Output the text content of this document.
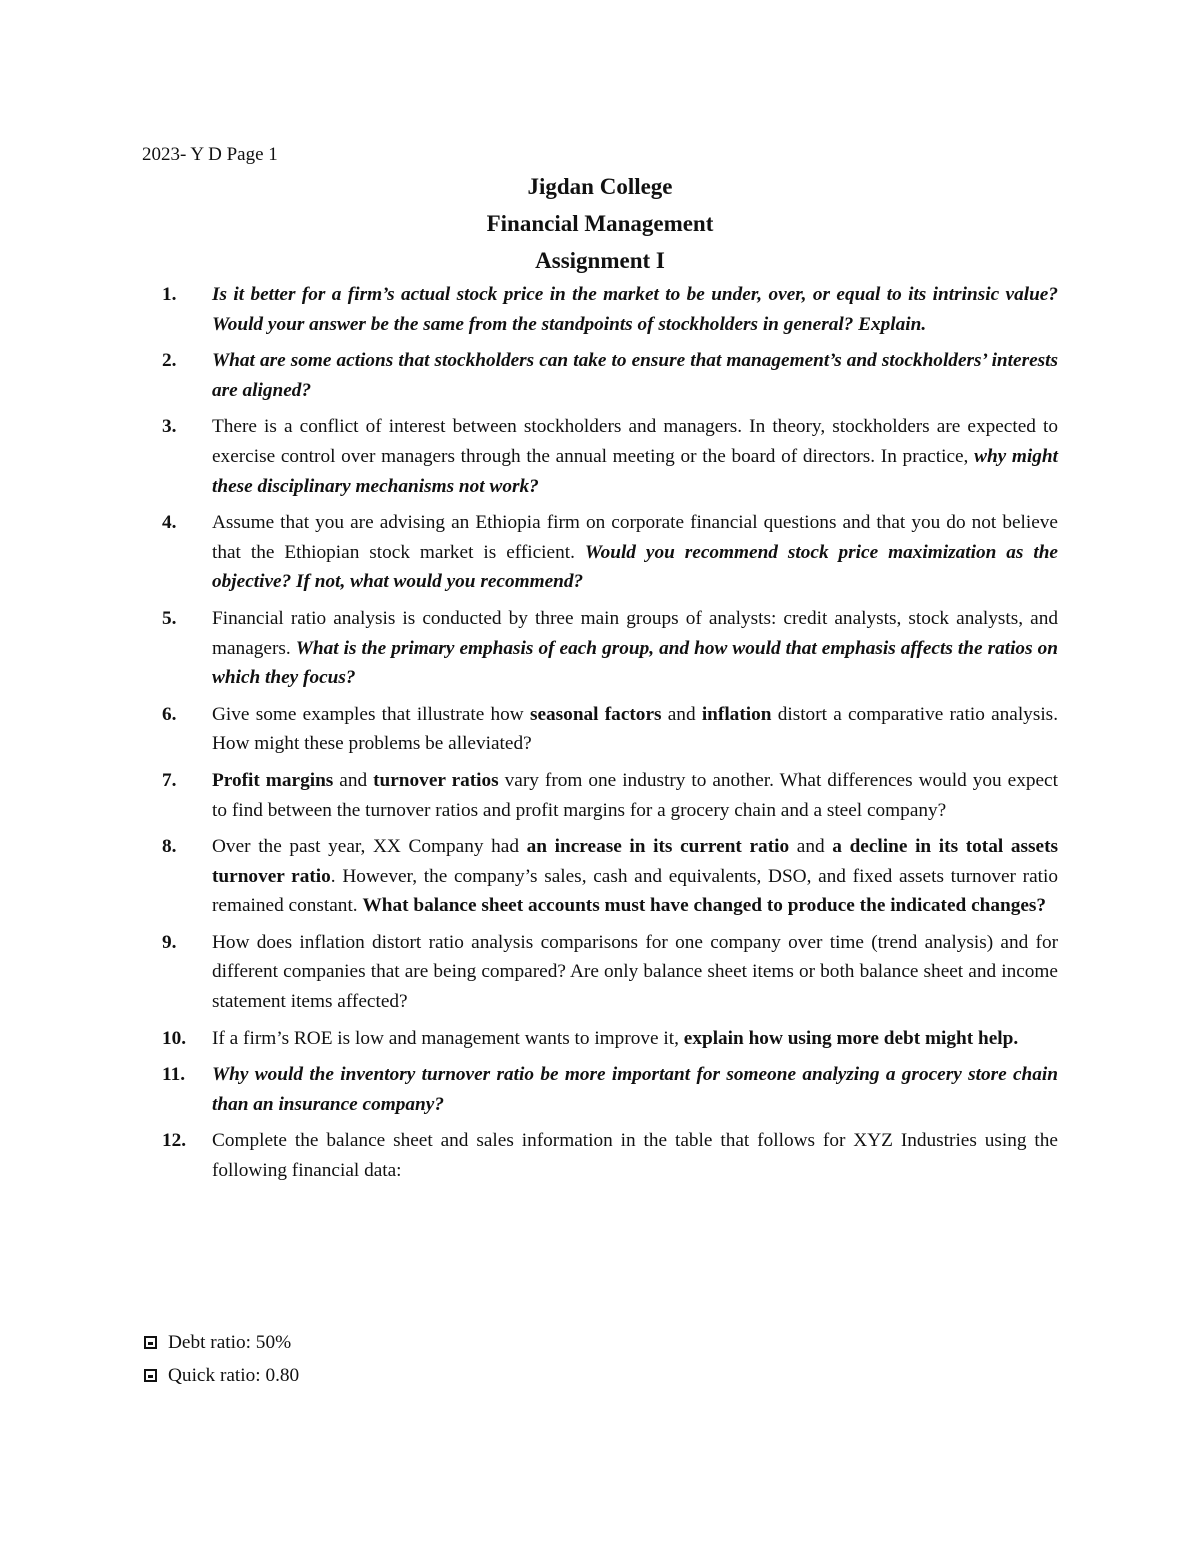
2023- Y D Page 1
Jigdan College
Financial Management
Assignment I
1.	Is it better for a firm’s actual stock price in the market to be under, over, or equal to its intrinsic value? Would your answer be the same from the standpoints of stockholders in general? Explain.
2.	What are some actions that stockholders can take to ensure that management’s and stockholders’ interests are aligned?
3.	There is a conflict of interest between stockholders and managers. In theory, stockholders are expected to exercise control over managers through the annual meeting or the board of directors. In practice, why might these disciplinary mechanisms not work?
4.	Assume that you are advising an Ethiopia firm on corporate financial questions and that you do not believe that the Ethiopian stock market is efficient. Would you recommend stock price maximization as the objective? If not, what would you recommend?
5.	Financial ratio analysis is conducted by three main groups of analysts: credit analysts, stock analysts, and managers. What is the primary emphasis of each group, and how would that emphasis affects the ratios on which they focus?
6.	Give some examples that illustrate how seasonal factors and inflation distort a comparative ratio analysis. How might these problems be alleviated?
7.	Profit margins and turnover ratios vary from one industry to another. What differences would you expect to find between the turnover ratios and profit margins for a grocery chain and a steel company?
8.	Over the past year, XX Company had an increase in its current ratio and a decline in its total assets turnover ratio. However, the company’s sales, cash and equivalents, DSO, and fixed assets turnover ratio remained constant. What balance sheet accounts must have changed to produce the indicated changes?
9.	How does inflation distort ratio analysis comparisons for one company over time (trend analysis) and for different companies that are being compared? Are only balance sheet items or both balance sheet and income statement items affected?
10.	If a firm’s ROE is low and management wants to improve it, explain how using more debt might help.
11.	Why would the inventory turnover ratio be more important for someone analyzing a grocery store chain than an insurance company?
12.	Complete the balance sheet and sales information in the table that follows for XYZ Industries using the following financial data:
Debt ratio: 50%
Quick ratio: 0.80
